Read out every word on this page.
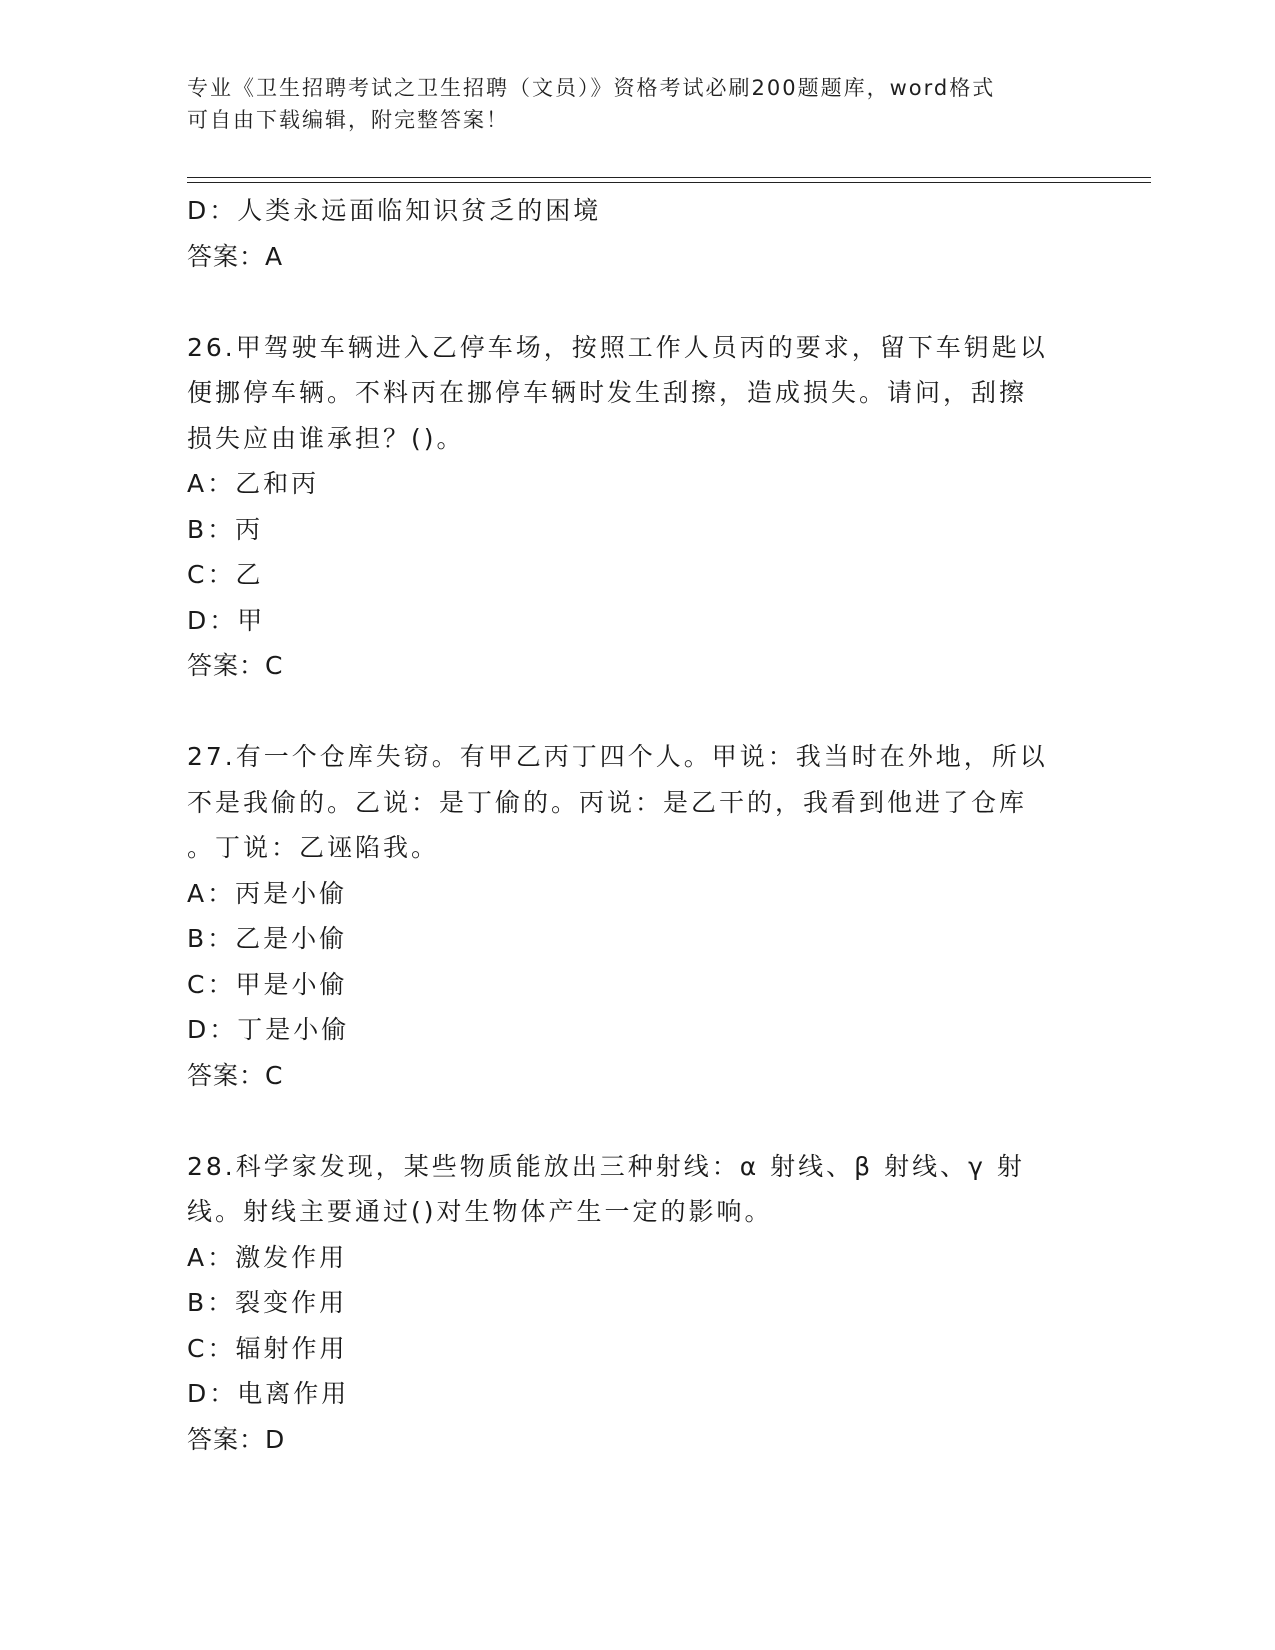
专业《卫生招聘考试之卫生招聘（文员）》资格考试必刷200题题库，word格式
可自由下载编辑，附完整答案！
D：人类永远面临知识贫乏的困境
答案：A
26.甲驾驶车辆进入乙停车场，按照工作人员丙的要求，留下车钥匙以
便挪停车辆。不料丙在挪停车辆时发生刮擦，造成损失。请问，刮擦
损失应由谁承担？()。
A：乙和丙
B：丙
C：乙
D：甲
答案：C
27.有一个仓库失窃。有甲乙丙丁四个人。甲说：我当时在外地，所以
不是我偷的。乙说：是丁偷的。丙说：是乙干的，我看到他进了仓库
。丁说：乙诬陷我。
A：丙是小偷
B：乙是小偷
C：甲是小偷
D：丁是小偷
答案：C
28.科学家发现，某些物质能放出三种射线：α 射线、β 射线、γ 射
线。射线主要通过()对生物体产生一定的影响。
A：激发作用
B：裂变作用
C：辐射作用
D：电离作用
答案：D
